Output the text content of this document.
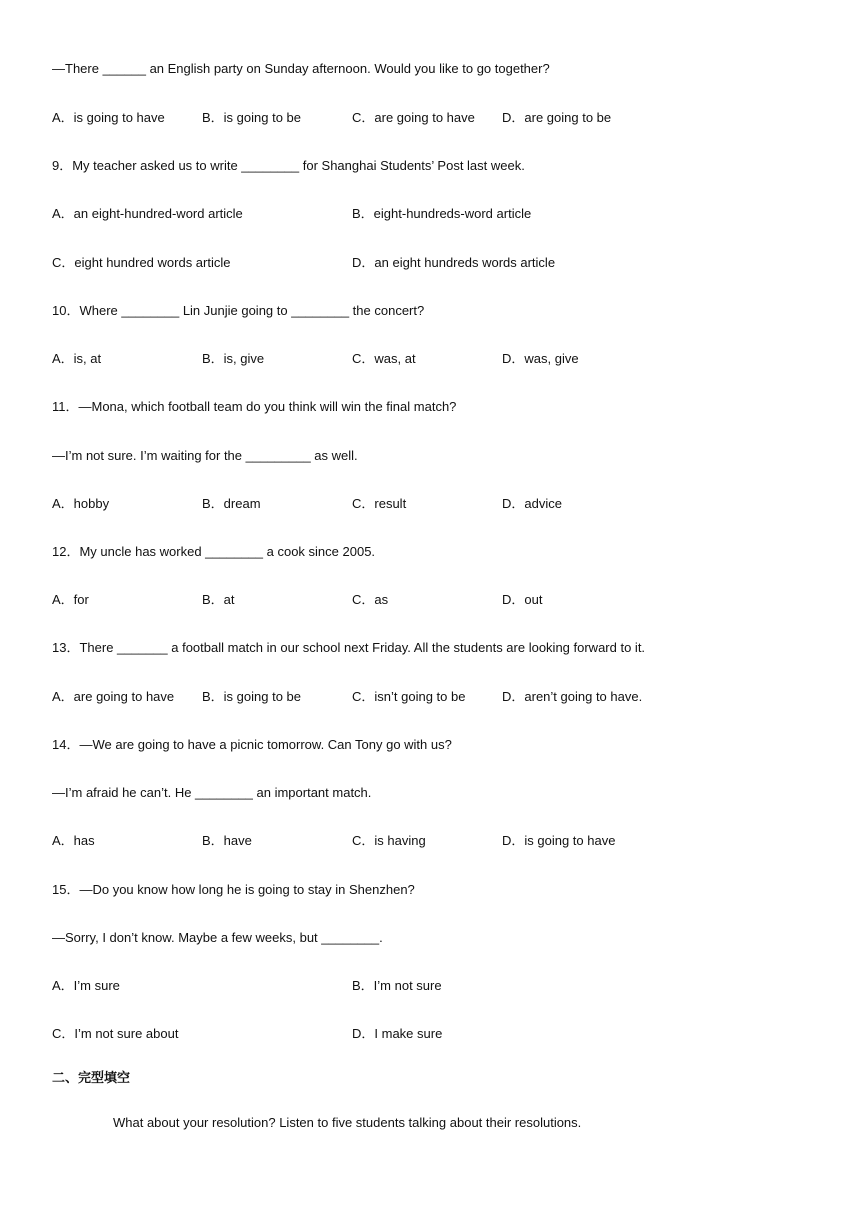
—There ______ an English party on Sunday afternoon. Would you like to go together?
A．is going to have	B．is going to be	C．are going to have D．are going to be
9．My teacher asked us to write ________ for Shanghai Students’ Post last week.
A．an eight-hundred-word article	B．eight-hundreds-word article
C．eight hundred words article	D．an eight hundreds words article
10．Where ________ Lin Junjie going to ________ the concert?
A．is, at	B．is, give	C．was, at	D．was, give
11．—Mona, which football team do you think will win the final match?
—I’m not sure. I’m waiting for the _________ as well.
A．hobby	B．dream	C．result	D．advice
12．My uncle has worked ________ a cook since 2005.
A．for	B．at	C．as	D．out
13．There _______ a football match in our school next Friday. All the students are looking forward to it.
A．are going to have B．is going to be	C．isn’t going to be	D．aren’t going to have.
14．—We are going to have a picnic tomorrow. Can Tony go with us?
—I’m afraid he can’t. He ________ an important match.
A．has	B．have	C．is having	D．is going to have
15．—Do you know how long he is going to stay in Shenzhen?
—Sorry, I don’t know. Maybe a few weeks, but ________.
A．I’m sure	B．I’m not sure
C．I’m not sure about	D．I make sure
二、完型填空
What about your resolution? Listen to five students talking about their resolutions.
